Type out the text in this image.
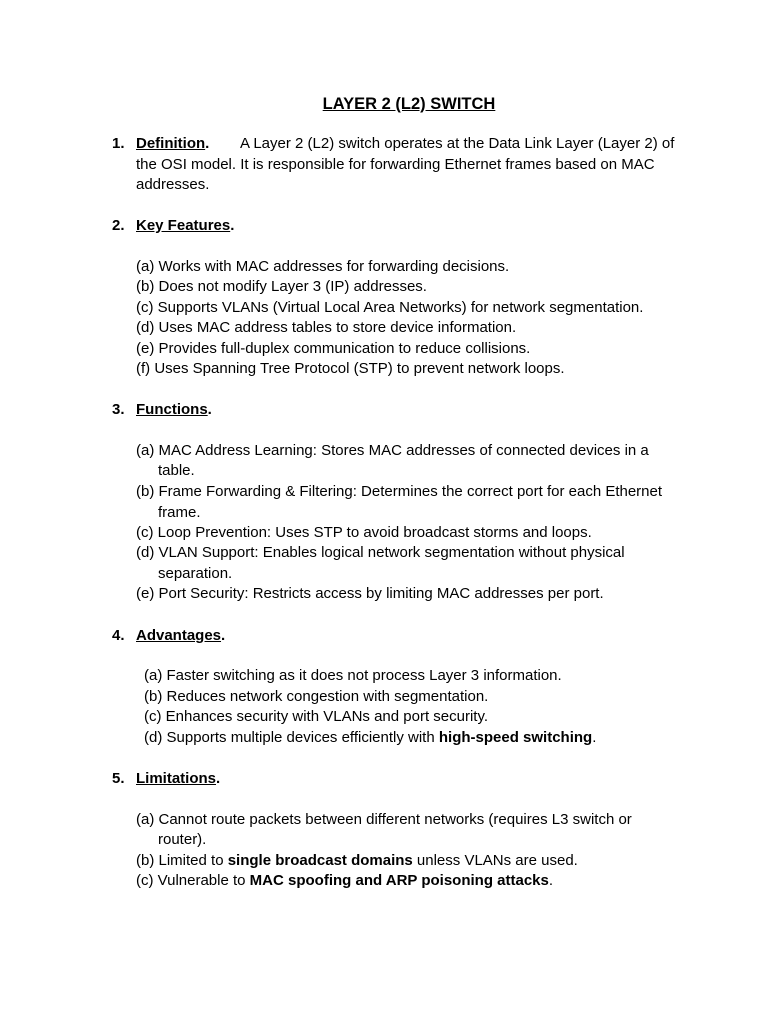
LAYER 2 (L2) SWITCH
1. Definition. A Layer 2 (L2) switch operates at the Data Link Layer (Layer 2) of
the OSI model. It is responsible for forwarding Ethernet frames based on MAC
addresses.
2. Key Features.
(a) Works with MAC addresses for forwarding decisions.
(b) Does not modify Layer 3 (IP) addresses.
(c) Supports VLANs (Virtual Local Area Networks) for network segmentation.
(d) Uses MAC address tables to store device information.
(e) Provides full-duplex communication to reduce collisions.
(f) Uses Spanning Tree Protocol (STP) to prevent network loops.
3. Functions.
(a) MAC Address Learning: Stores MAC addresses of connected devices in a
table.
(b) Frame Forwarding & Filtering: Determines the correct port for each Ethernet
frame.
(c) Loop Prevention: Uses STP to avoid broadcast storms and loops.
(d) VLAN Support: Enables logical network segmentation without physical
separation.
(e) Port Security: Restricts access by limiting MAC addresses per port.
4. Advantages.
(a) Faster switching as it does not process Layer 3 information.
(b) Reduces network congestion with segmentation.
(c) Enhances security with VLANs and port security.
(d) Supports multiple devices efficiently with high-speed switching.
5. Limitations.
(a) Cannot route packets between different networks (requires L3 switch or
router).
(b) Limited to single broadcast domains unless VLANs are used.
(c) Vulnerable to MAC spoofing and ARP poisoning attacks.
